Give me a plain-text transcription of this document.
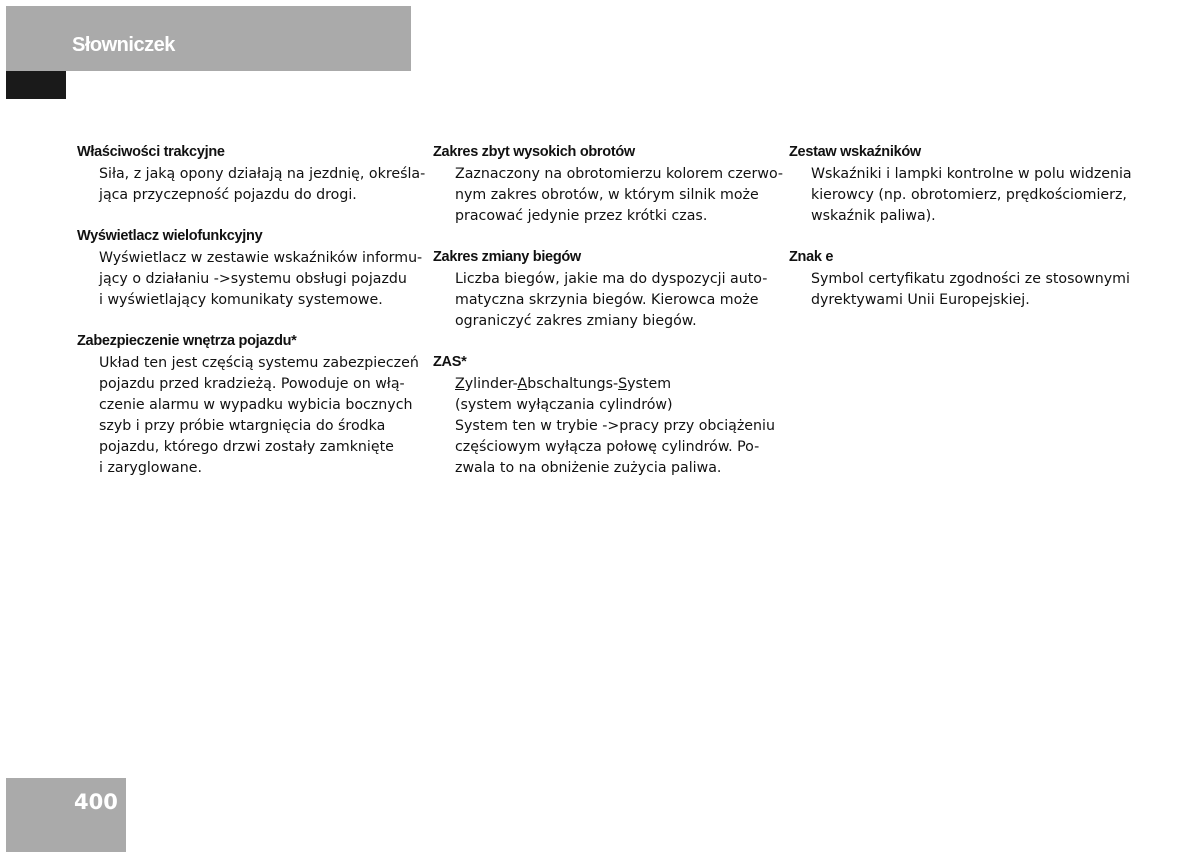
Słowniczek
Właściwości trakcyjne
Siła, z jaką opony działają na jezdnię, określa-
jąca przyczepność pojazdu do drogi.
Wyświetlacz wielofunkcyjny
Wyświetlacz w zestawie wskaźników informu-
jący o działaniu ->systemu obsługi pojazdu
i wyświetlający komunikaty systemowe.
Zabezpieczenie wnętrza pojazdu*
Układ ten jest częścią systemu zabezpieczeń
pojazdu przed kradzieżą. Powoduje on włą-
czenie alarmu w wypadku wybicia bocznych
szyb i przy próbie wtargnięcia do środka
pojazdu, którego drzwi zostały zamknięte
i zaryglowane.
Zakres zbyt wysokich obrotów
Zaznaczony na obrotomierzu kolorem czerwo-
nym zakres obrotów, w którym silnik może
pracować jedynie przez krótki czas.
Zakres zmiany biegów
Liczba biegów, jakie ma do dyspozycji auto-
matyczna skrzynia biegów. Kierowca może
ograniczyć zakres zmiany biegów.
ZAS*
Zylinder-Abschaltungs-System
(system wyłączania cylindrów)
System ten w trybie ->pracy przy obciążeniu
częściowym wyłącza połowę cylindrów. Po-
zwala to na obniżenie zużycia paliwa.
Zestaw wskaźników
Wskaźniki i lampki kontrolne w polu widzenia
kierowcy (np. obrotomierz, prędkościomierz,
wskaźnik paliwa).
Znak e
Symbol certyfikatu zgodności ze stosownymi
dyrektywami Unii Europejskiej.
400
